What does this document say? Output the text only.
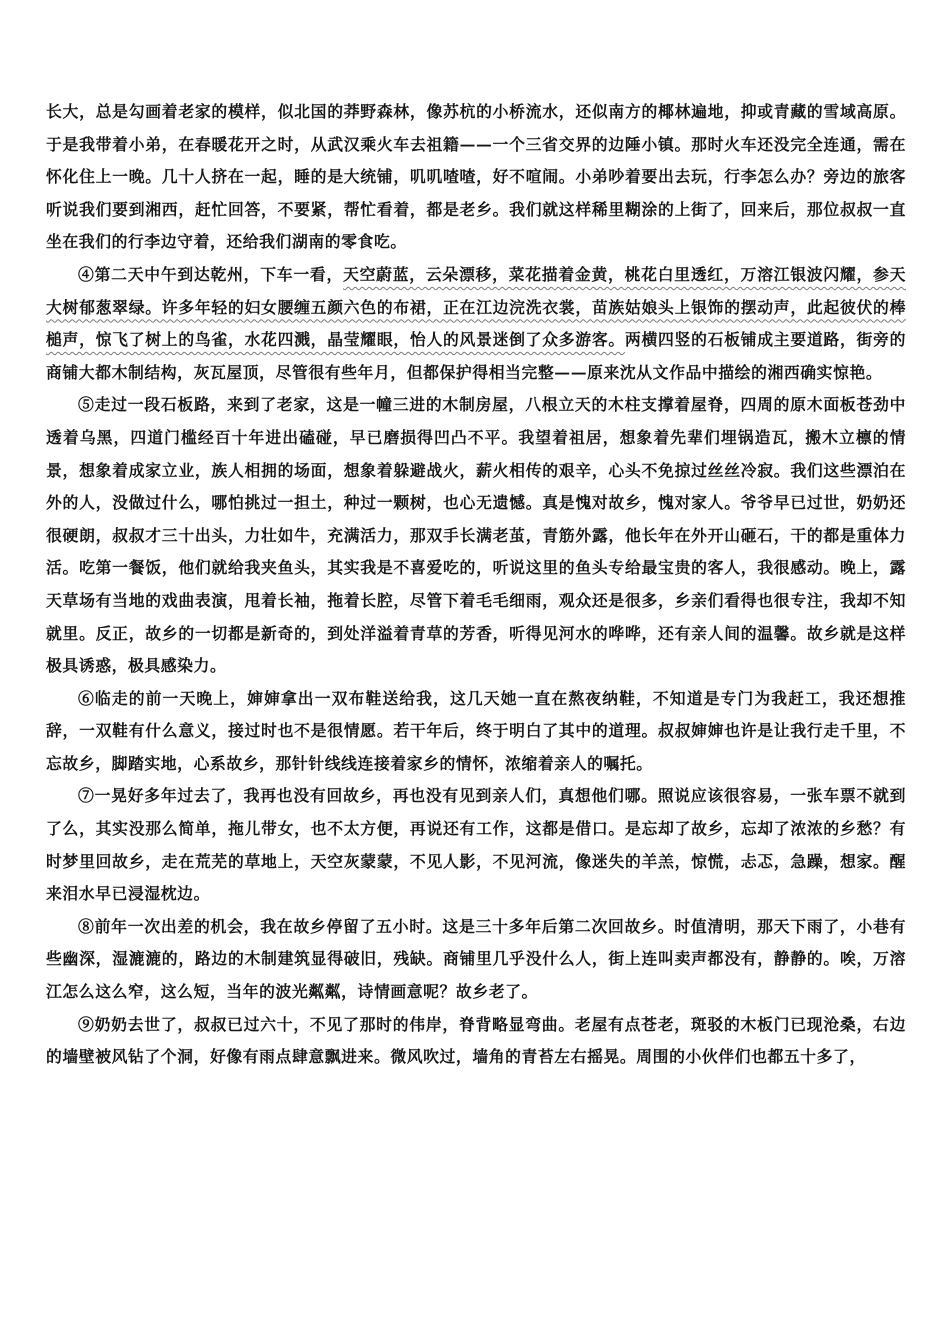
长大，总是勾画着老家的模样，似北国的莽野森林，像苏杭的小桥流水，还似南方的椰林遍地，抑或青藏的雪域高原。于是我带着小弟，在春暖花开之时，从武汉乘火车去祖籍——一个三省交界的边陲小镇。那时火车还没完全连通，需在怀化住上一晚。几十人挤在一起，睡的是大统铺，叽叽喳喳，好不喧闹。小弟吵着要出去玩，行李怎么办？旁边的旅客听说我们要到湘西，赶忙回答，不要紧，帮忙看着，都是老乡。我们就这样稀里糊涂的上街了，回来后，那位叔叔一直坐在我们的行李边守着，还给我们湖南的零食吃。

④第二天中午到达乾州，下车一看，天空蔚蓝，云朵漂移，菜花描着金黄，桃花白里透红，万溶江银波闪耀，参天大树郁葱翠绿。许多年轻的妇女腰缠五颜六色的布裙，正在江边浣洗衣裳，苗族姑娘头上银饰的摆动声，此起彼伏的棒槌声，惊飞了树上的鸟雀，水花四溅，晶莹耀眼，怡人的风景迷倒了众多游客。两横四竖的石板铺成主要道路，街旁的商铺大都木制结构，灰瓦屋顶，尽管很有些年月，但都保护得相当完整——原来沈从文作品中描绘的湘西确实惊艳。

⑤走过一段石板路，来到了老家，这是一幢三进的木制房屋，八根立天的木柱支撑着屋脊，四周的原木面板苍劲中透着乌黑，四道门槛经百十年进出磕碰，早已磨损得凹凸不平。我望着祖居，想象着先辈们埋锅造瓦，搬木立檩的情景，想象着成家立业，族人相拥的场面，想象着躲避战火，薪火相传的艰辛，心头不免掠过丝丝冷寂。我们这些漂泊在外的人，没做过什么，哪怕挑过一担土，种过一颗树，也心无遗憾。真是愧对故乡，愧对家人。爷爷早已过世，奶奶还很硬朗，叔叔才三十出头，力壮如牛，充满活力，那双手长满老茧，青筋外露，他长年在外开山砸石，干的都是重体力活。吃第一餐饭，他们就给我夹鱼头，其实我是不喜爱吃的，听说这里的鱼头专给最宝贵的客人，我很感动。晚上，露天草场有当地的戏曲表演，甩着长袖，拖着长腔，尽管下着毛毛细雨，观众还是很多，乡亲们看得也很专注，我却不知就里。反正，故乡的一切都是新奇的，到处洋溢着青草的芳香，听得见河水的哗哗，还有亲人间的温馨。故乡就是这样极具诱惑，极具感染力。

⑥临走的前一天晚上，婶婶拿出一双布鞋送给我，这几天她一直在熬夜纳鞋，不知道是专门为我赶工，我还想推辞，一双鞋有什么意义，接过时也不是很情愿。若干年后，终于明白了其中的道理。叔叔婶婶也许是让我行走千里，不忘故乡，脚踏实地，心系故乡，那针针线线连接着家乡的情怀，浓缩着亲人的嘱托。

⑦一晃好多年过去了，我再也没有回故乡，再也没有见到亲人们，真想他们哪。照说应该很容易，一张车票不就到了么，其实没那么简单，拖儿带女，也不太方便，再说还有工作，这都是借口。是忘却了故乡，忘却了浓浓的乡愁？有时梦里回故乡，走在荒芜的草地上，天空灰蒙蒙，不见人影，不见河流，像迷失的羊羔，惊慌，忐忑，急躁，想家。醒来泪水早已浸湿枕边。

⑧前年一次出差的机会，我在故乡停留了五小时。这是三十多年后第二次回故乡。时值清明，那天下雨了，小巷有些幽深，湿漉漉的，路边的木制建筑显得破旧，残缺。商铺里几乎没什么人，街上连叫卖声都没有，静静的。唉，万溶江怎么这么窄，这么短，当年的波光粼粼，诗情画意呢？故乡老了。

⑨奶奶去世了，叔叔已过六十，不见了那时的伟岸，脊背略显弯曲。老屋有点苍老，斑驳的木板门已现沧桑，右边的墙壁被风钻了个洞，好像有雨点肆意飘进来。微风吹过，墙角的青苔左右摇晃。周围的小伙伴们也都五十多了，
